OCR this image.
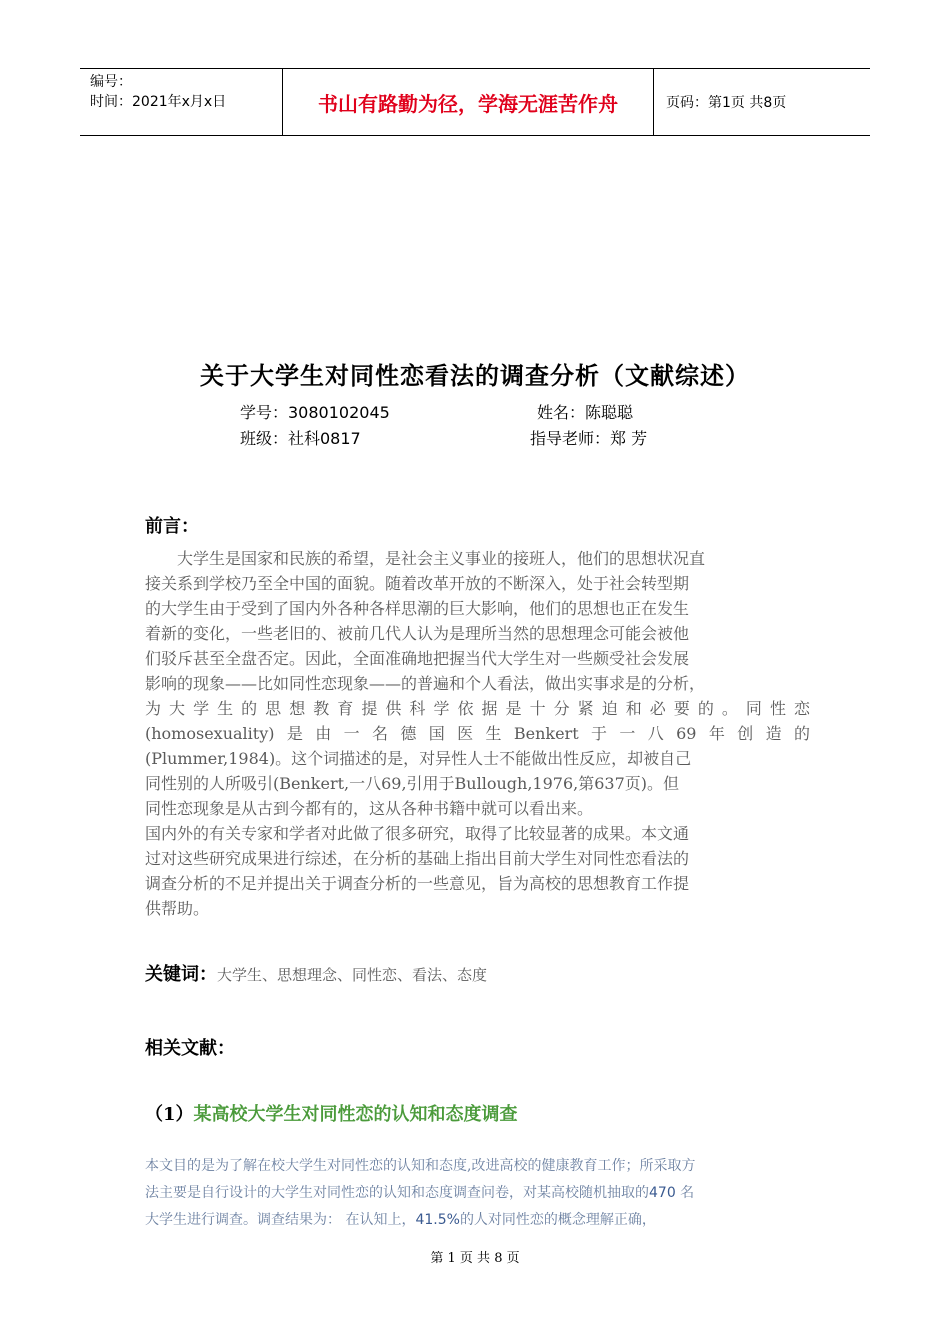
编号：
时间：2021年x月x日	书山有路勤为径，学海无涯苦作舟	页码：第1页 共8页
关于大学生对同性恋看法的调查分析（文献综述）
学号：3080102045	姓名：陈聪聪
班级：社科0817	指导老师：郑 芳
前言：

　　大学生是国家和民族的希望，是社会主义事业的接班人，他们的思想状况直

接关系到学校乃至全中国的面貌。随着改革开放的不断深入，处于社会转型期

的大学生由于受到了国内外各种各样思潮的巨大影响，他们的思想也正在发生

着新的变化，一些老旧的、被前几代人认为是理所当然的思想理念可能会被他

们驳斥甚至全盘否定。因此，全面准确地把握当代大学生对一些颇受社会发展

影响的现象——比如同性恋现象——的普遍和个人看法，做出实事求是的分析，

为大学生的思想教育提供科学依据是十分紧迫和必要的。同性恋

(homosexuality)是由一名德国医生Benkert于一八69年创造的

(Plummer,1984)。这个词描述的是，对异性人士不能做出性反应，却被自己

同性别的人所吸引(Benkert,一八69,引用于Bullough,1976,第637页)。但

同性恋现象是从古到今都有的，这从各种书籍中就可以看出来。

国内外的有关专家和学者对此做了很多研究，取得了比较显著的成果。本文通

过对这些研究成果进行综述，在分析的基础上指出目前大学生对同性恋看法的

调查分析的不足并提出关于调查分析的一些意见，旨为高校的思想教育工作提

供帮助。

关键词：大学生、思想理念、同性恋、看法、态度
相关文献：
（1）某高校大学生对同性恋的认知和态度调查

本文目的是为了解在校大学生对同性恋的认知和态度,改进高校的健康教育工作；所采取方

法主要是自行设计的大学生对同性恋的认知和态度调查问卷，对某高校随机抽取的470 名

大学生进行调查。调查结果为： 在认知上，41.5%的人对同性恋的概念理解正确，

第 1 页 共 8 页
